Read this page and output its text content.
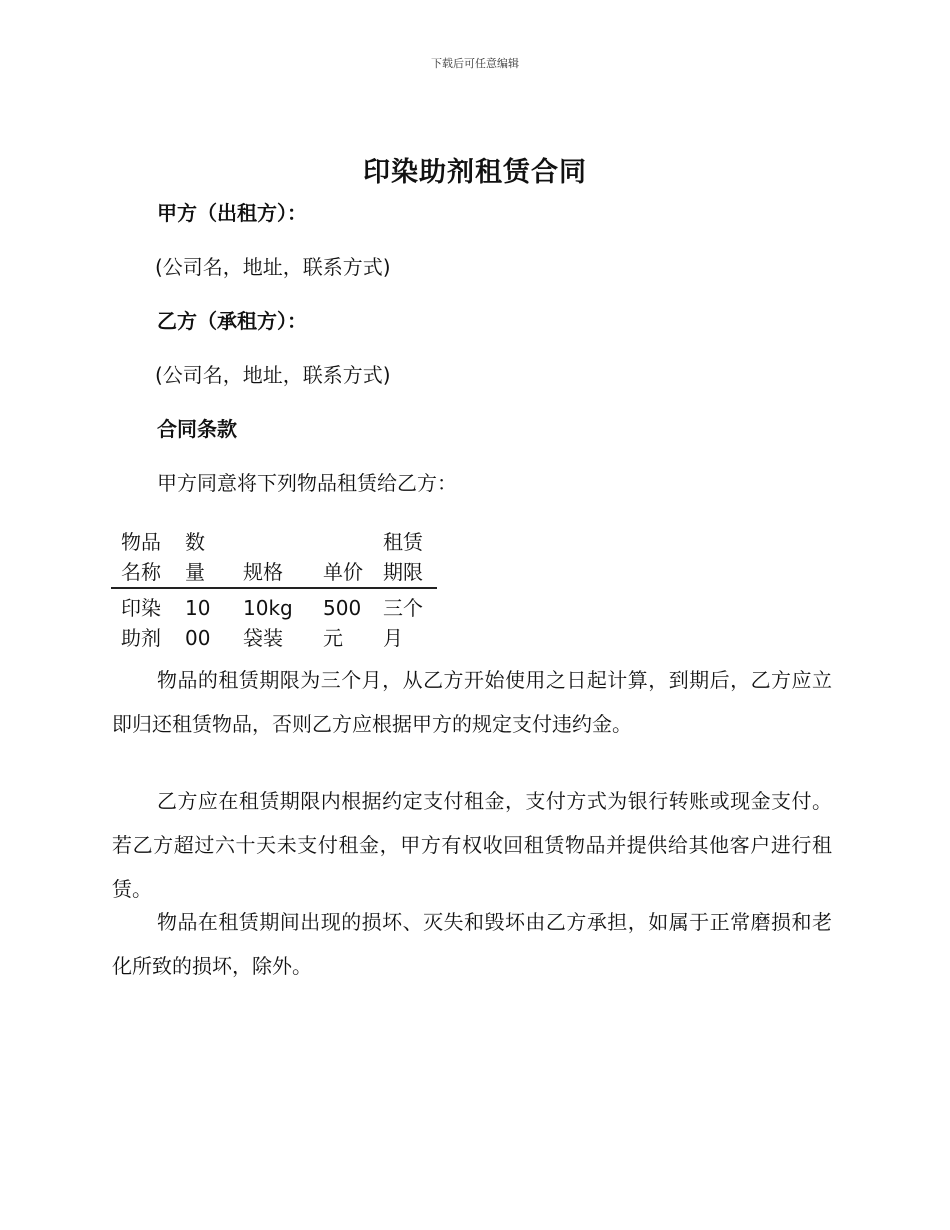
下载后可任意编辑
印染助剂租赁合同
甲方（出租方）：
(公司名，地址，联系方式)
乙方（承租方）：
(公司名，地址，联系方式)
合同条款
甲方同意将下列物品租赁给乙方：
物品名称	数量	规格	单价	租赁期限
印染助剂	1000	10kg袋装	500元	三个月

物品的租赁期限为三个月，从乙方开始使用之日起计算，到期后，乙方应立即归还租赁物品，否则乙方应根据甲方的规定支付违约金。

乙方应在租赁期限内根据约定支付租金，支付方式为银行转账或现金支付。若乙方超过六十天未支付租金，甲方有权收回租赁物品并提供给其他客户进行租赁。

物品在租赁期间出现的损坏、灭失和毁坏由乙方承担，如属于正常磨损和老化所致的损坏，除外。
